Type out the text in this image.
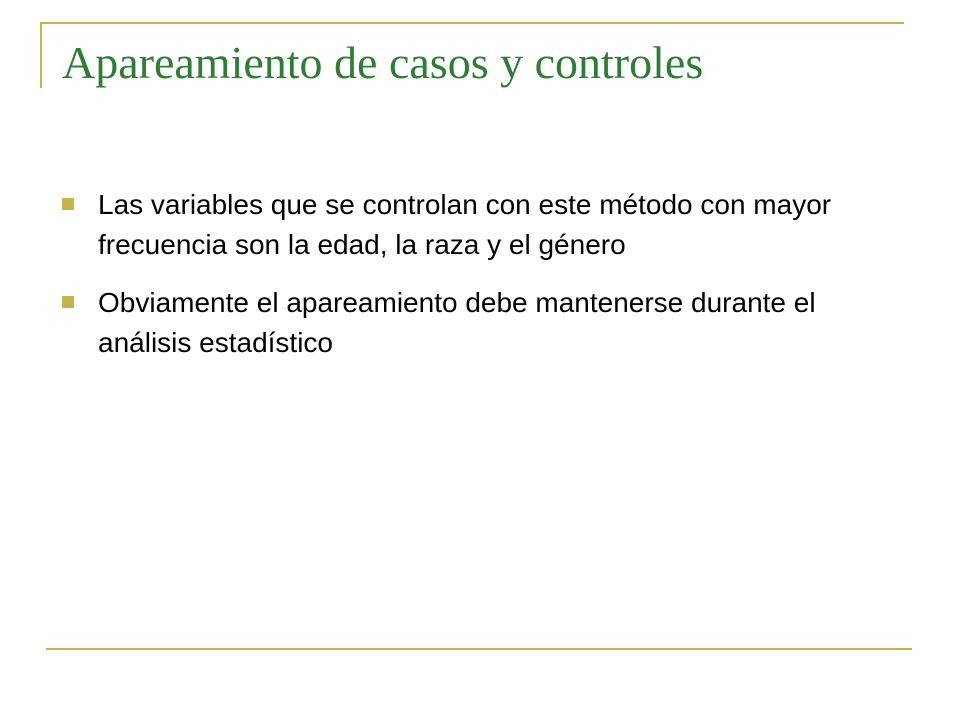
Apareamiento de casos y controles
Las variables que se controlan con este método con mayor frecuencia son la edad, la raza y el género
Obviamente el apareamiento debe mantenerse durante el análisis estadístico
